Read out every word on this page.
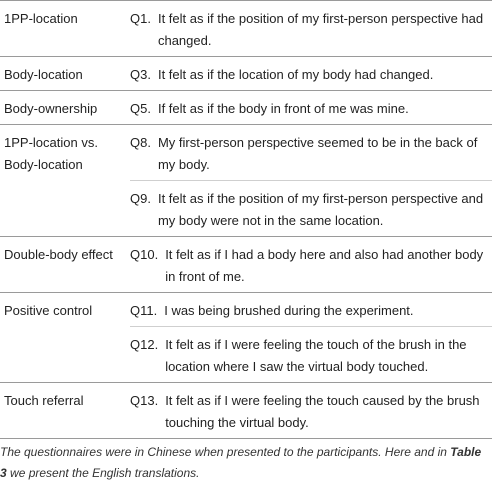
1PP-location	Q1. It felt as if the position of my first-person perspective had changed.

Body-location	Q3. It felt as if the location of my body had changed.

Body-ownership	Q5. If felt as if the body in front of me was mine.

1PP-location vs. Body-location	Q8. My first-person perspective seemed to be in the back of my body.

	Q9. It felt as if the position of my first-person perspective and my body were not in the same location.

Double-body effect	Q10. It felt as if I had a body here and also had another body in front of me.

Positive control	Q11. I was being brushed during the experiment.

	Q12. It felt as if I were feeling the touch of the brush in the location where I saw the virtual body touched.

Touch referral	Q13. It felt as if I were feeling the touch caused by the brush touching the virtual body.
The questionnaires were in Chinese when presented to the participants. Here and in Table 3 we present the English translations.
